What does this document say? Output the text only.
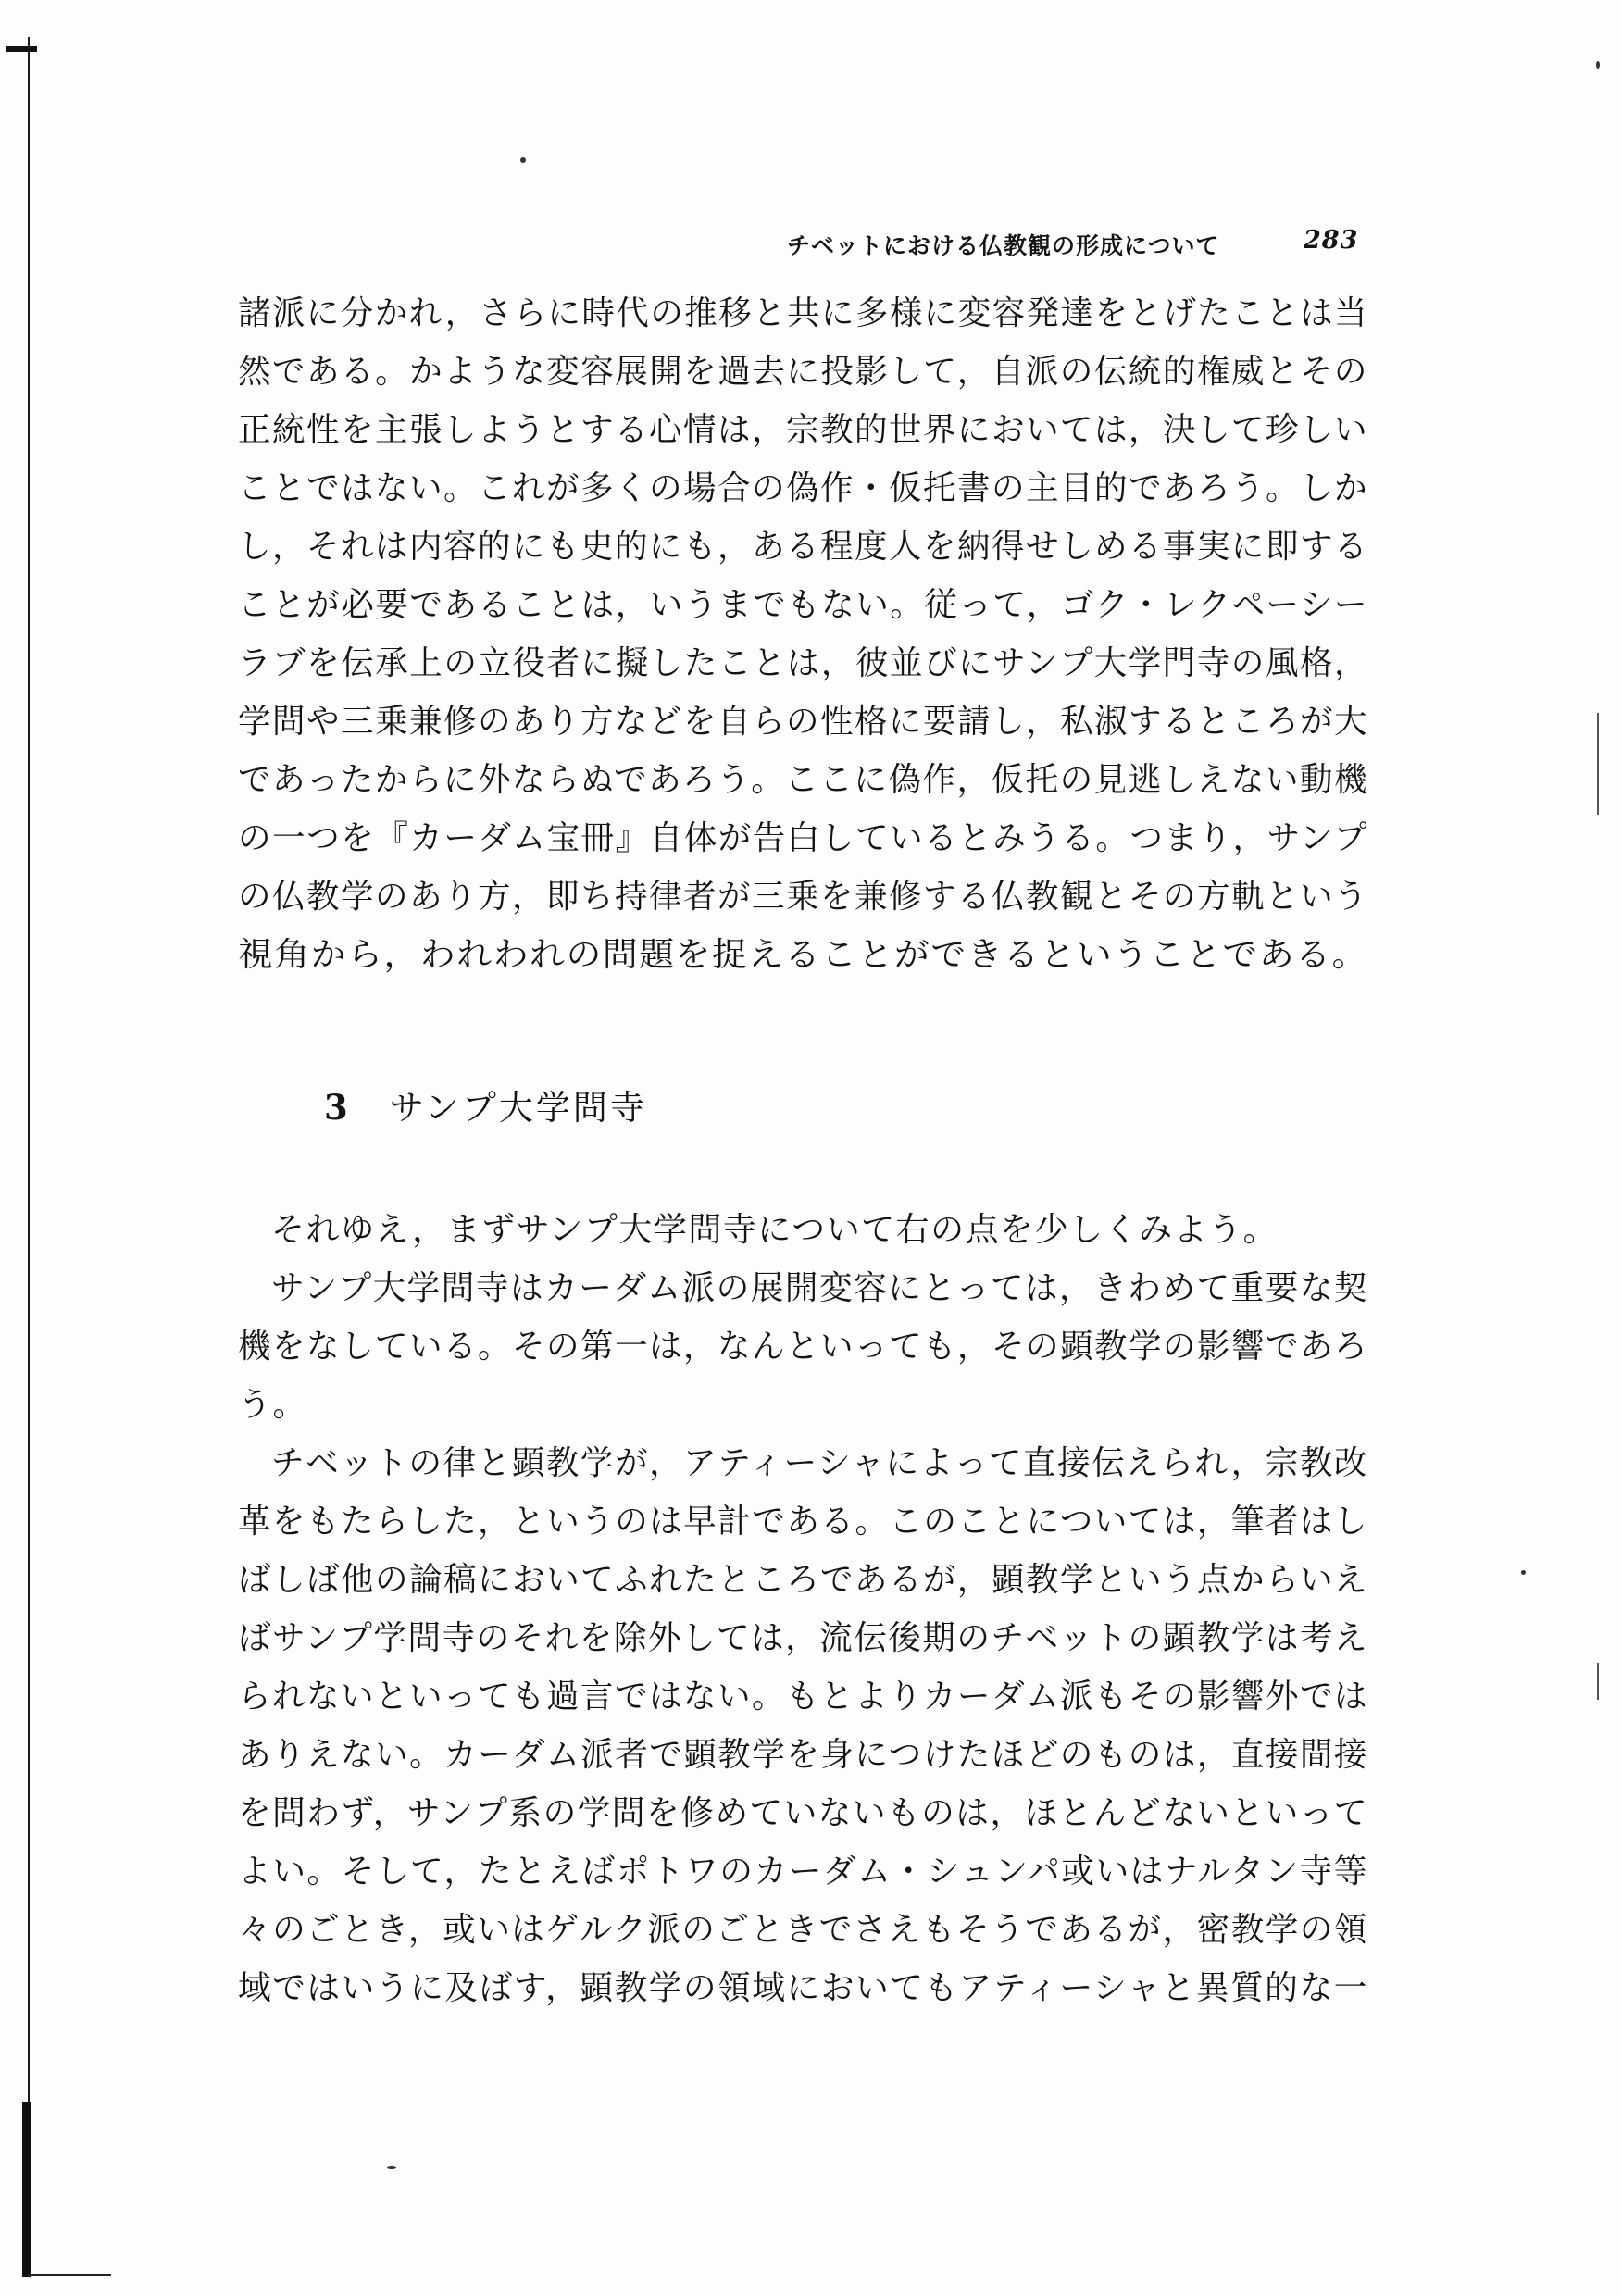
チベットにおける仏教観の形成について	283
諸派に分かれ，さらに時代の推移と共に多様に変容発達をとげたことは当
然である。かような変容展開を過去に投影して，自派の伝統的権威とその
正統性を主張しようとする心情は，宗教的世界においては，決して珍しい
ことではない。これが多くの場合の偽作・仮托書の主目的であろう。しか
し，それは内容的にも史的にも，ある程度人を納得せしめる事実に即する
ことが必要であることは，いうまでもない。従って，ゴク・レクペーシー
ラブを伝承上の立役者に擬したことは，彼並びにサンプ大学門寺の風格，
学問や三乗兼修のあり方などを自らの性格に要請し，私淑するところが大
であったからに外ならぬであろう。ここに偽作，仮托の見逃しえない動機
の一つを『カーダム宝冊』自体が告白しているとみうる。つまり，サンプ
の仏教学のあり方，即ち持律者が三乗を兼修する仏教観とその方軌という
視角から，われわれの問題を捉えることができるということである。
3 サンプ大学問寺
それゆえ，まずサンプ大学問寺について右の点を少しくみよう。
サンプ大学問寺はカーダム派の展開変容にとっては，きわめて重要な契
機をなしている。その第一は，なんといっても，その顕教学の影響であろ
う。
チベットの律と顕教学が，アティーシャによって直接伝えられ，宗教改
革をもたらした，というのは早計である。このことについては，筆者はし
ばしば他の論稿においてふれたところであるが，顕教学という点からいえ
ばサンプ学問寺のそれを除外しては，流伝後期のチベットの顕教学は考え
られないといっても過言ではない。もとよりカーダム派もその影響外では
ありえない。カーダム派者で顕教学を身につけたほどのものは，直接間接
を問わず，サンプ系の学問を修めていないものは，ほとんどないといって
よい。そして，たとえばポトワのカーダム・シュンパ或いはナルタン寺等
々のごとき，或いはゲルク派のごときでさえもそうであるが，密教学の領
域ではいうに及ばす，顕教学の領域においてもアティーシャと異質的な一
